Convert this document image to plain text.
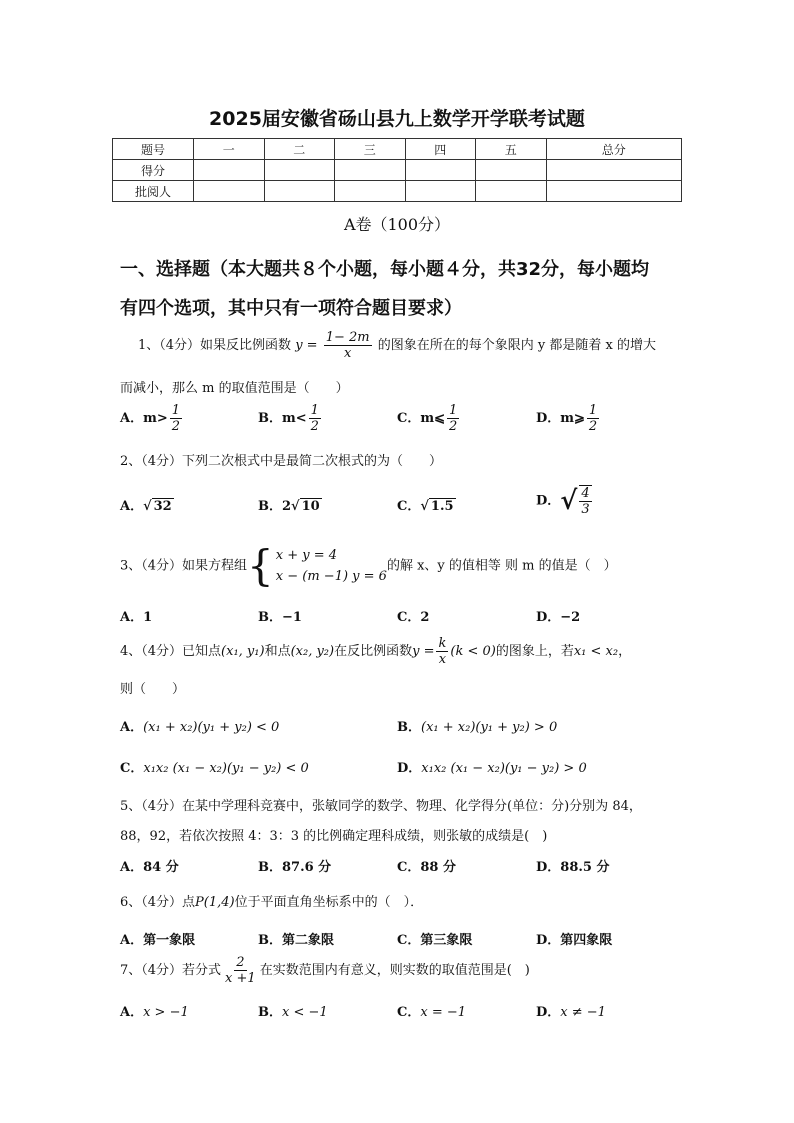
2025届安徽省砀山县九上数学开学联考试题
题号	一	二	三	四	五	总分
得分						
批阅人						
A卷（100分）
一、选择题（本大题共８个小题，每小题４分，共32分，每小题均
有四个选项，其中只有一项符合题目要求）
1、（4分）如果反比例函数 $y = \frac{1- 2m}{x}$ 的图象在所在的每个象限内 y 都是随着 x 的增大
而减小，那么 m 的取值范围是（　　）
A．$m> \frac{1}{2}$	B．$m< \frac{1}{2}$	C．m⩽ $\frac{1}{2}$	D．m⩾ $\frac{1}{2}$
2、（4分）下列二次根式中是最简二次根式的为（　　）
A．√ 32	B．2√ 10	C．√ 1.5	D．√ $\frac{4}{3}$
3、（4分）如果方程组 { x + y = 4
x − (m −1) y = 6
的解 x、y 的值相等 则 m 的值是（　）
A．1	B．−1	C．2	D．−2
4、（4分）已知点(x₁, y₁)和点(x₂, y₂)在反比例函数$y = \frac{k}{x} (k < 0)$的图象上，若x₁ < x₂，
则（　　）
A．(x₁ + x₂)(y₁ + y₂) < 0	B．(x₁ + x₂)(y₁ + y₂) > 0
C．x₁x₂ (x₁ − x₂)(y₁ − y₂) < 0	D．x₁x₂ (x₁ − x₂)(y₁ − y₂) > 0
5、（4分）在某中学理科竞赛中，张敏同学的数学、物理、化学得分(单位：分)分别为 84，
88，92，若依次按照 4：3：3 的比例确定理科成绩，则张敏的成绩是(　)
A．84 分	B．87.6 分	C．88 分	D．88.5 分
6、（4分）点P(1,4)位于平面直角坐标系中的（　）．
A．第一象限	B．第二象限	C．第三象限	D．第四象限
7、（4分）若分式 $\frac{2}{x +1}$ 在实数范围内有意义，则实数的取值范围是(　)
A．x > −1	B．x < −1	C．x = −1	D．x ≠ −1
